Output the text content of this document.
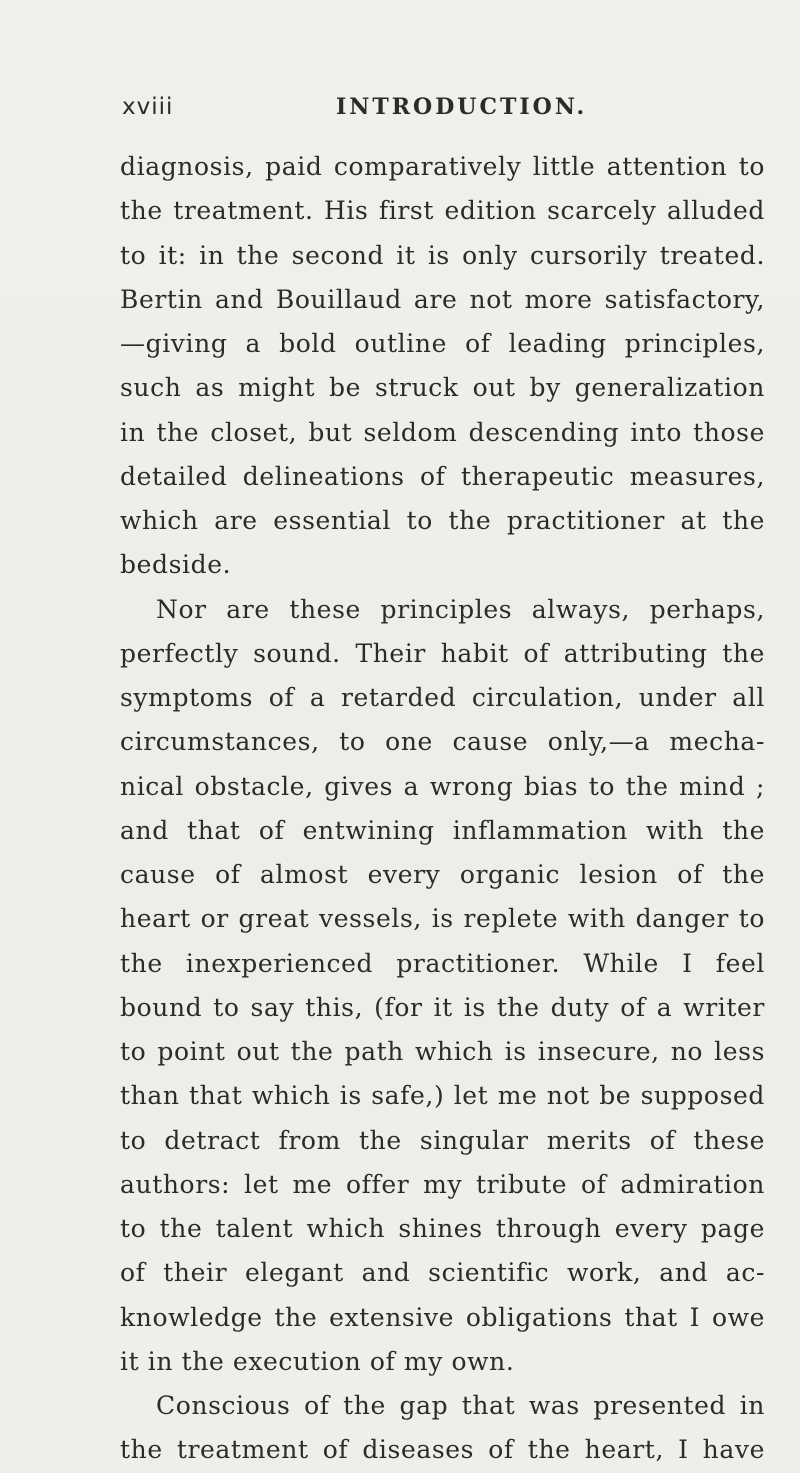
xviii	INTRODUCTION.
diagnosis, paid comparatively little attention to
the treatment. His first edition scarcely alluded
to it: in the second it is only cursorily treated.
Bertin and Bouillaud are not more satisfactory,
—giving a bold outline of leading principles,
such as might be struck out by generalization
in the closet, but seldom descending into those
detailed delineations of therapeutic measures,
which are essential to the practitioner at the
bedside.
Nor are these principles always, perhaps,
perfectly sound. Their habit of attributing the
symptoms of a retarded circulation, under all
circumstances, to one cause only,—a mecha-
nical obstacle, gives a wrong bias to the mind ;
and that of entwining inflammation with the
cause of almost every organic lesion of the
heart or great vessels, is replete with danger to
the inexperienced practitioner. While I feel
bound to say this, (for it is the duty of a writer
to point out the path which is insecure, no less
than that which is safe,) let me not be supposed
to detract from the singular merits of these
authors: let me offer my tribute of admiration
to the talent which shines through every page
of their elegant and scientific work, and ac-
knowledge the extensive obligations that I owe
it in the execution of my own.
Conscious of the gap that was presented in
the treatment of diseases of the heart, I have
